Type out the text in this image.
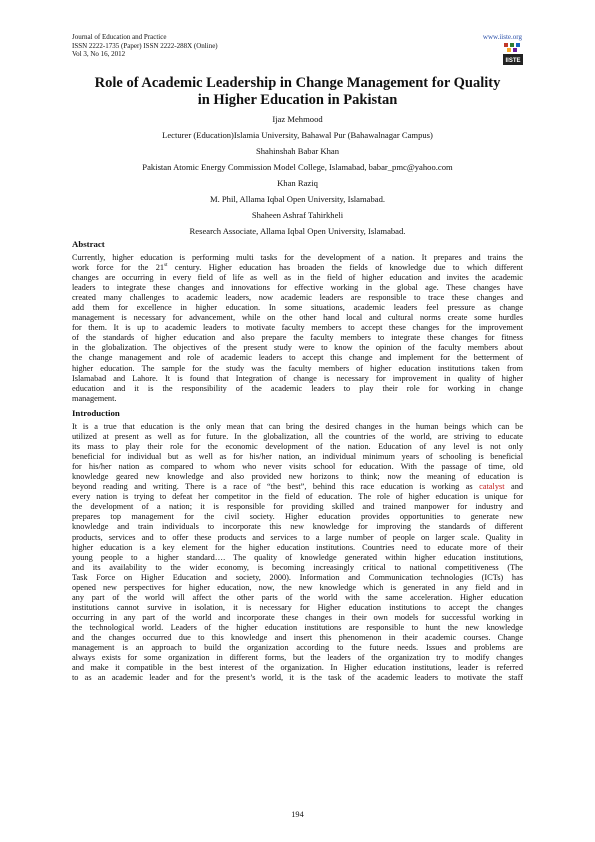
Journal of Education and Practice
ISSN 2222-1735 (Paper) ISSN 2222-288X (Online)
Vol 3, No 16, 2012
www.iiste.org
IISTE
Role of Academic Leadership in Change Management for Quality
in Higher Education in Pakistan
Ijaz Mehmood
Lecturer (Education)Islamia University, Bahawal Pur (Bahawalnagar Campus)
Shahinshah Babar Khan
Pakistan Atomic Energy Commission Model College, Islamabad, babar_pmc@yahoo.com
Khan Raziq
M. Phil, Allama Iqbal Open University, Islamabad.
Shaheen Ashraf Tahirkheli
Research Associate, Allama Iqbal Open University, Islamabad.
Abstract
Currently, higher education is performing multi tasks for the development of a nation. It prepares and trains the
work force for the 21st century. Higher education has broaden the fields of knowledge due to which different
changes are occurring in every field of life as well as in the field of higher education and invites the academic
leaders to integrate these changes and innovations for effective working in the global age. These changes have
created many challenges to academic leaders, now academic leaders are responsible to trace these changes and
add them for excellence in higher education. In some situations, academic leaders feel pressure as change
management is necessary for advancement, while on the other hand local and cultural norms create some hurdles
for them. It is up to academic leaders to motivate faculty members to accept these changes for the improvement
of the standards of higher education and also prepare the faculty members to integrate these changes for fitness
in the globalization. The objectives of the present study were to know the opinion of the faculty members about
the change management and role of academic leaders to accept this change and implement for the betterment of
higher education. The sample for the study was the faculty members of higher education institutions taken from
Islamabad and Lahore. It is found that Integration of change is necessary for improvement in quality of higher
education and it is the responsibility of the academic leaders to play their role for working in change
management.
Introduction
It is a true that education is the only mean that can bring the desired changes in the human beings which can be
utilized at present as well as for future. In the globalization, all the countries of the world, are striving to educate
its mass to play their role for the economic development of the nation. Education of any level is not only
beneficial for individual but as well as for his/her nation, an individual minimum years of schooling is beneficial
for his/her nation as compared to whom who never visits school for education. With the passage of time, old
knowledge geared new knowledge and also provided new horizons to think; now the meaning of education is
beyond reading and writing. There is a race of “the best”, behind this race education is working as catalyst and
every nation is trying to defeat her competitor in the field of education. The role of higher education is unique for
the development of a nation; it is responsible for providing skilled and trained manpower for industry and
prepares top management for the civil society. Higher education provides opportunities to generate new
knowledge and train individuals to incorporate this new knowledge for improving the standards of different
products, services and to offer these products and services to a large number of people on larger scale. Quality in
higher education is a key element for the higher education institutions. Countries need to educate more of their
young people to a higher standard…. The quality of knowledge generated within higher education institutions,
and its availability to the wider economy, is becoming increasingly critical to national competitiveness (The
Task Force on Higher Education and society, 2000). Information and Communication technologies (ICTs) has
opened new perspectives for higher education, now, the new knowledge which is generated in any field and in
any part of the world will affect the other parts of the world with the same acceleration. Higher education
institutions cannot survive in isolation, it is necessary for Higher education institutions to accept the changes
occurring in any part of the world and incorporate these changes in their own models for successful working in
the technological world. Leaders of the higher education institutions are responsible to hunt the new knowledge
and the changes occurred due to this knowledge and insert this phenomenon in their academic courses. Change
management is an approach to build the organization according to the future needs. Issues and problems are
always exists for some organization in different forms, but the leaders of the organization try to modify changes
and make it compatible in the best interest of the organization. In Higher education institutions, leader is referred
to as an academic leader and for the present’s world, it is the task of the academic leaders to motivate the staff
194
